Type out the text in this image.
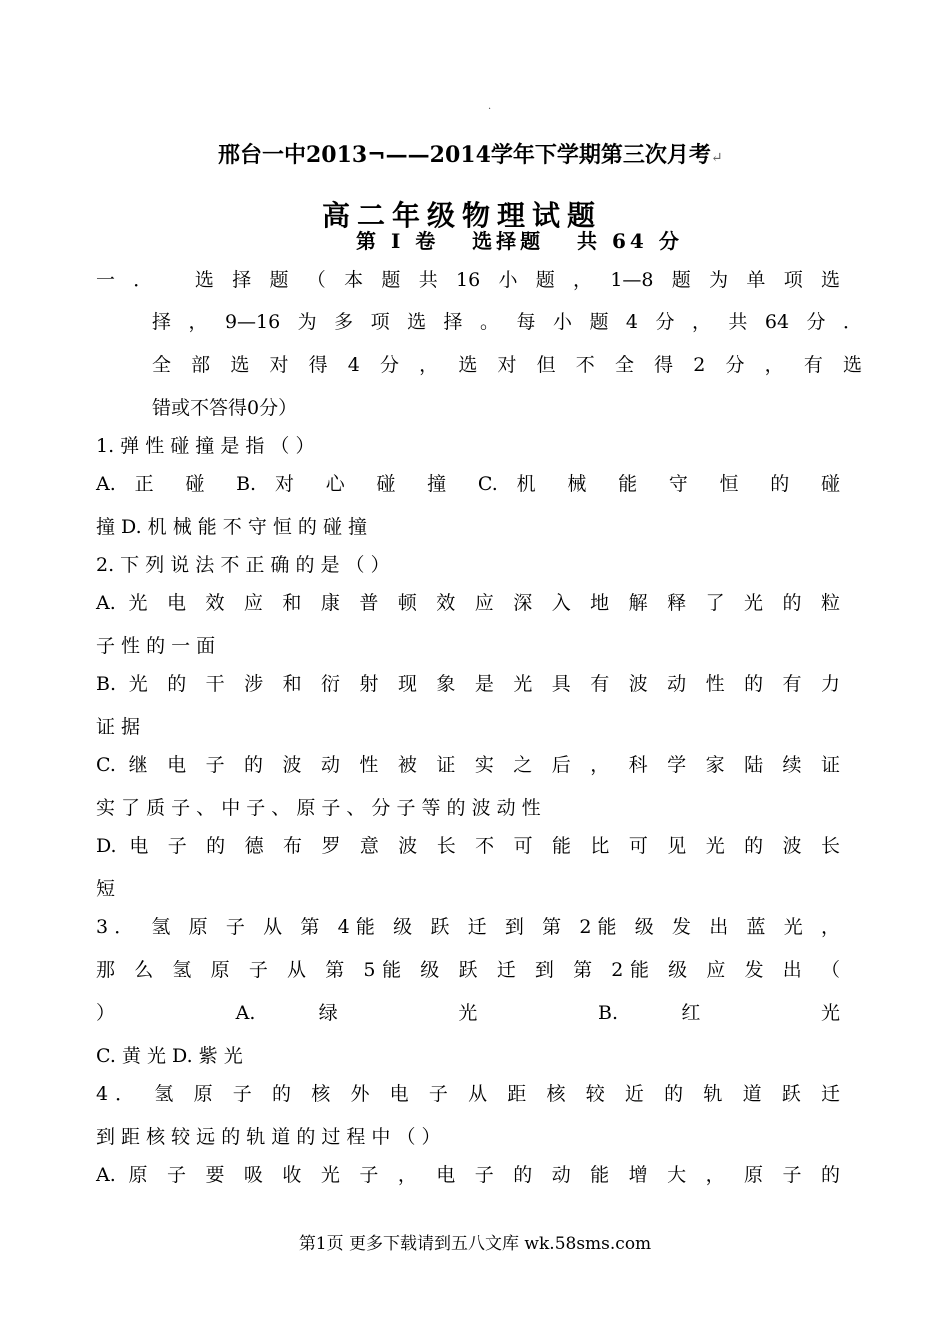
·
邢台一中2013¬——2014学年下学期第三次月考↵
高二年级物理试题
第 I 卷   选择题   共 64 分
一． 选择题（本题共16小题，1—8题为单项选
择，9—16为多项选择。每小题4分，共64分．
全部选对得4分，选对但不全得2分，有选
错或不答得0分）
1. 弹 性 碰 撞 是 指 （ ）
A. 正 碰 B. 对 心 碰 撞 C. 机 械 能 守 恒 的 碰
撞 D. 机 械 能 不 守 恒 的 碰 撞
2. 下 列 说 法 不 正 确 的 是 （ ）
A. 光 电 效 应 和 康 普 顿 效 应 深 入 地 解 释 了 光 的 粒
子 性 的 一 面
B. 光 的 干 涉 和 衍 射 现 象 是 光 具 有 波 动 性 的 有 力
证 据
C. 继 电 子 的 波 动 性 被 证 实 之 后 ， 科 学 家 陆 续 证
实 了 质 子 、 中 子 、 原 子 、 分 子 等 的 波 动 性
D. 电 子 的 德 布 罗 意 波 长 不 可 能 比 可 见 光 的 波 长
短
3． 氢 原 子 从 第 4能 级 跃 迁 到 第 2能 级 发 出 蓝 光 ，
那 么 氢 原 子 从 第 5能 级 跃 迁 到 第 2能 级 应 发 出 （
） A. 绿 光 B. 红 光
C. 黄 光 D. 紫 光
4． 氢 原 子 的 核 外 电 子 从 距 核 较 近 的 轨 道 跃 迁
到 距 核 较 远 的 轨 道 的 过 程 中 （ ）
A. 原 子 要 吸 收 光 子 ， 电 子 的 动 能 增 大 ， 原 子 的
第1页 更多下载请到五八文库 wk.58sms.com
